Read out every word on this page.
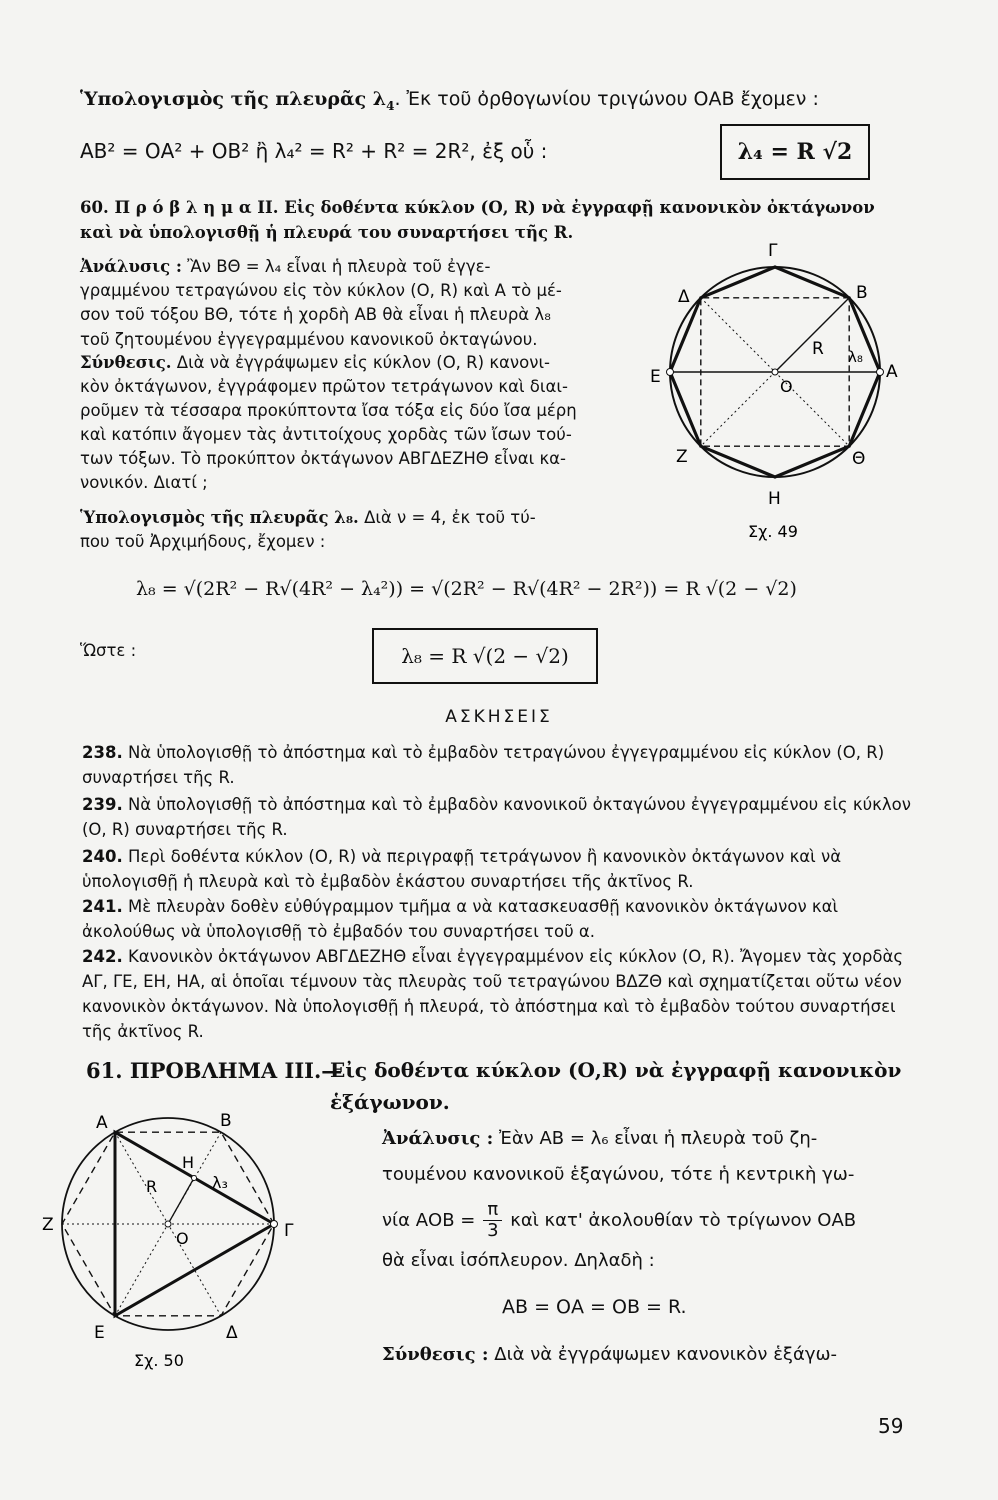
Ὑπολογισμὸς τῆς πλευρᾶς $\lambda_4$. Ἐκ τοῦ ὀρθογωνίου τριγώνου ΟΑΒ ἔχομεν :
ΑΒ² = ΟΑ² + ΟΒ² ἢ λ₄² = R² + R² = 2R², ἐξ οὗ :	λ₄ = R √2
60. Π ρ ό β λ η μ α ΙΙ. Εἰς δοθέντα κύκλον (Ο, R) νὰ ἐγγραφῇ κανονικὸν ὀκτάγωνον
καὶ νὰ ὑπολογισθῇ ἡ πλευρά του συναρτήσει τῆς R.
Ἀνάλυσις : Ἂν ΒΘ = λ₄ εἶναι ἡ πλευρὰ τοῦ ἐγγε-
γραμμένου τετραγώνου εἰς τὸν κύκλον (Ο, R) καὶ Α τὸ μέ-
σον τοῦ τόξου ΒΘ, τότε ἡ χορδὴ ΑΒ θὰ εἶναι ἡ πλευρὰ λ₈
τοῦ ζητουμένου ἐγγεγραμμένου κανονικοῦ ὀκταγώνου.
Σύνθεσις. Διὰ νὰ ἐγγράψωμεν εἰς κύκλον (Ο, R) κανονι-
κὸν ὀκτάγωνον, ἐγγράφομεν πρῶτον τετράγωνον καὶ διαι-
ροῦμεν τὰ τέσσαρα προκύπτοντα ἴσα τόξα εἰς δύο ἴσα μέρη
καὶ κατόπιν ἄγομεν τὰς ἀντιτοίχους χορδὰς τῶν ἴσων τού-
των τόξων. Τὸ προκύπτον ὀκτάγωνον ΑΒΓΔΕΖΗΘ εἶναι κα-
νονικόν. Διατί ;
Ὑπολογισμὸς τῆς πλευρᾶς λ₈. Διὰ ν = 4, ἐκ τοῦ τύ-
που τοῦ Ἀρχιμήδους, ἔχομεν :
Γ
Δ	Β
Ε	Α
Ο
R λ₈
Ζ	Θ
Η
Σχ. 49
λ₈ = √(2R² − R√(4R² − λ₄²)) = √(2R² − R√(4R² − 2R²)) = R √(2 − √2)
Ὥστε :	λ₈ = R √(2 − √2)
ΑΣΚΗΣΕΙΣ
238. Νὰ ὑπολογισθῇ τὸ ἀπόστημα καὶ τὸ ἐμβαδὸν τετραγώνου ἐγγεγραμμένου εἰς κύκλον (Ο, R) συναρτήσει τῆς R.
239. Νὰ ὑπολογισθῇ τὸ ἀπόστημα καὶ τὸ ἐμβαδὸν κανονικοῦ ὀκταγώνου ἐγγεγραμμένου εἰς κύκλον (Ο, R) συναρτήσει τῆς R.
240. Περὶ δοθέντα κύκλον (Ο, R) νὰ περιγραφῇ τετράγωνον ἢ κανονικὸν ὀκτάγωνον καὶ νὰ ὑπολογισθῇ ἡ πλευρὰ καὶ τὸ ἐμβαδὸν ἑκάστου συναρτήσει τῆς ἀκτῖνος R.
241. Μὲ πλευρὰν δοθὲν εὐθύγραμμον τμῆμα α νὰ κατασκευασθῇ κανονικὸν ὀκτάγωνον καὶ ἀκολούθως νὰ ὑπολογισθῇ τὸ ἐμβαδόν του συναρτήσει τοῦ α.
242. Κανονικὸν ὀκτάγωνον ΑΒΓΔΕΖΗΘ εἶναι ἐγγεγραμμένον εἰς κύκλον (Ο, R). Ἄγομεν τὰς χορδὰς ΑΓ, ΓΕ, ΕΗ, ΗΑ, αἱ ὁποῖαι τέμνουν τὰς πλευρὰς τοῦ τετραγώνου ΒΔΖΘ καὶ σχηματίζεται οὕτω νέον κανονικὸν ὀκτάγωνον. Νὰ ὑπολογισθῇ ἡ πλευρά, τὸ ἀπόστημα καὶ τὸ ἐμβαδὸν τούτου συναρτήσει τῆς ἀκτῖνος R.
61. ΠΡΟΒΛΗΜΑ ΙΙΙ.—
Εἰς δοθέντα κύκλον (Ο,R) νὰ ἐγγραφῇ κανονικὸν
ἑξάγωνον.
Α	Β
Η
R	λ₃
Ζ
Ο	Γ
Ε	Δ
Σχ. 50
Ἀνάλυσις : Ἐὰν ΑΒ = λ₆ εἶναι ἡ πλευρὰ τοῦ ζη-
τουμένου κανονικοῦ ἑξαγώνου, τότε ἡ κεντρικὴ γω-
νία $AOB = \frac{\pi}{3}$ καὶ κατ' ἀκολουθίαν τὸ τρίγωνον ΟΑΒ
θὰ εἶναι ἰσόπλευρον. Δηλαδὴ :
ΑΒ = ΟΑ = ΟΒ = R.
Σύνθεσις : Διὰ νὰ ἐγγράψωμεν κανονικὸν ἑξάγω-
59
